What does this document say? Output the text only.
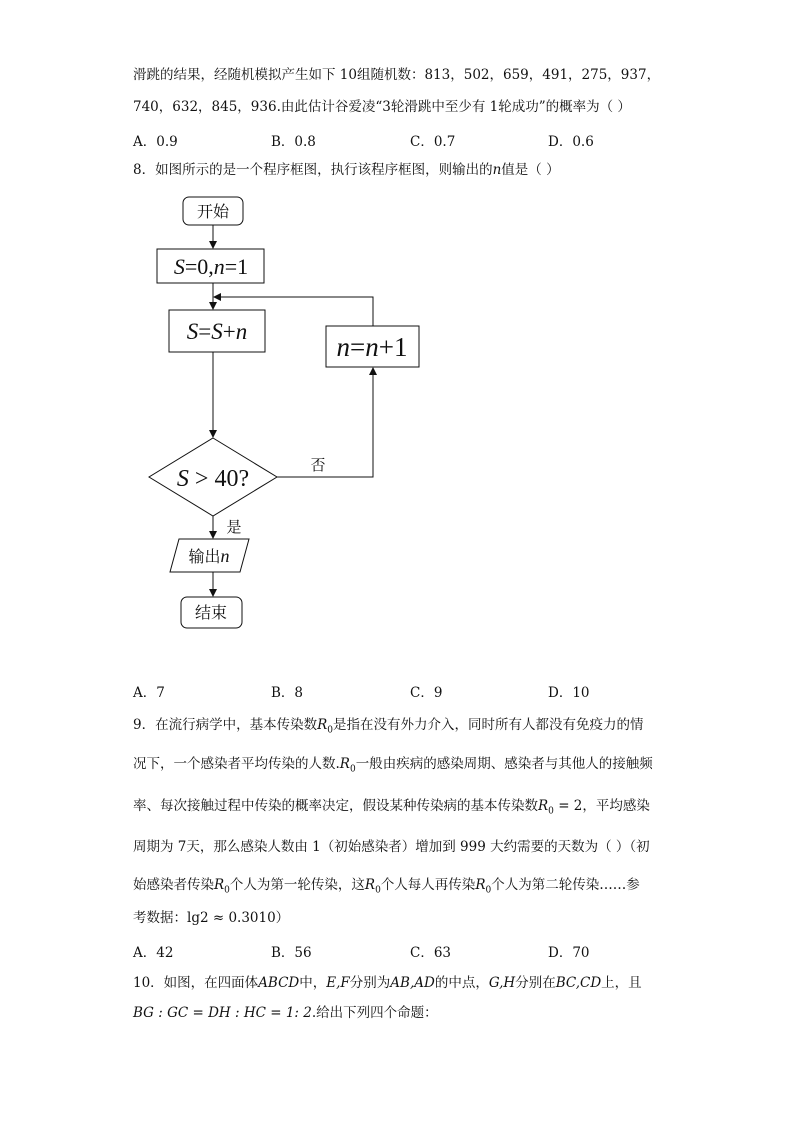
滑跳的结果，经随机模拟产生如下 10组随机数：813，502，659，491，275，937，
740，632，845，936.由此估计谷爱凌“3轮滑跳中至少有 1轮成功”的概率为（ ）
A．0.9	B．0.8	C．0.7	D．0.6
8．如图所示的是一个程序框图，执行该程序框图，则输出的n值是（ ）
开始
S=0,n=1
S=S+n
n=n+1
S > 40?
否
是
输出n
结束
A．7	B．8	C．9	D．10
9．在流行病学中，基本传染数$R_0$是指在没有外力介入，同时所有人都没有免疫力的情
况下，一个感染者平均传染的人数$.R_0$一般由疾病的感染周期、感染者与其他人的接触频
率、每次接触过程中传染的概率决定，假设某种传染病的基本传染数$R_0 = 2$，平均感染
周期为 7天，那么感染人数由 1（初始感染者）增加到 999 大约需要的天数为（ ）（初
始感染者传染$R_0$个人为第一轮传染，这$R_0$个人每人再传染$R_0$个人为第二轮传染……参
考数据：lg2 ≈ 0.3010）
A．42	B．56	C．63	D．70
10．如图，在四面体ABCD中，E,F分别为AB,AD的中点，G,H分别在BC,CD上，且
BG : GC = DH : HC = 1: 2.给出下列四个命题：
